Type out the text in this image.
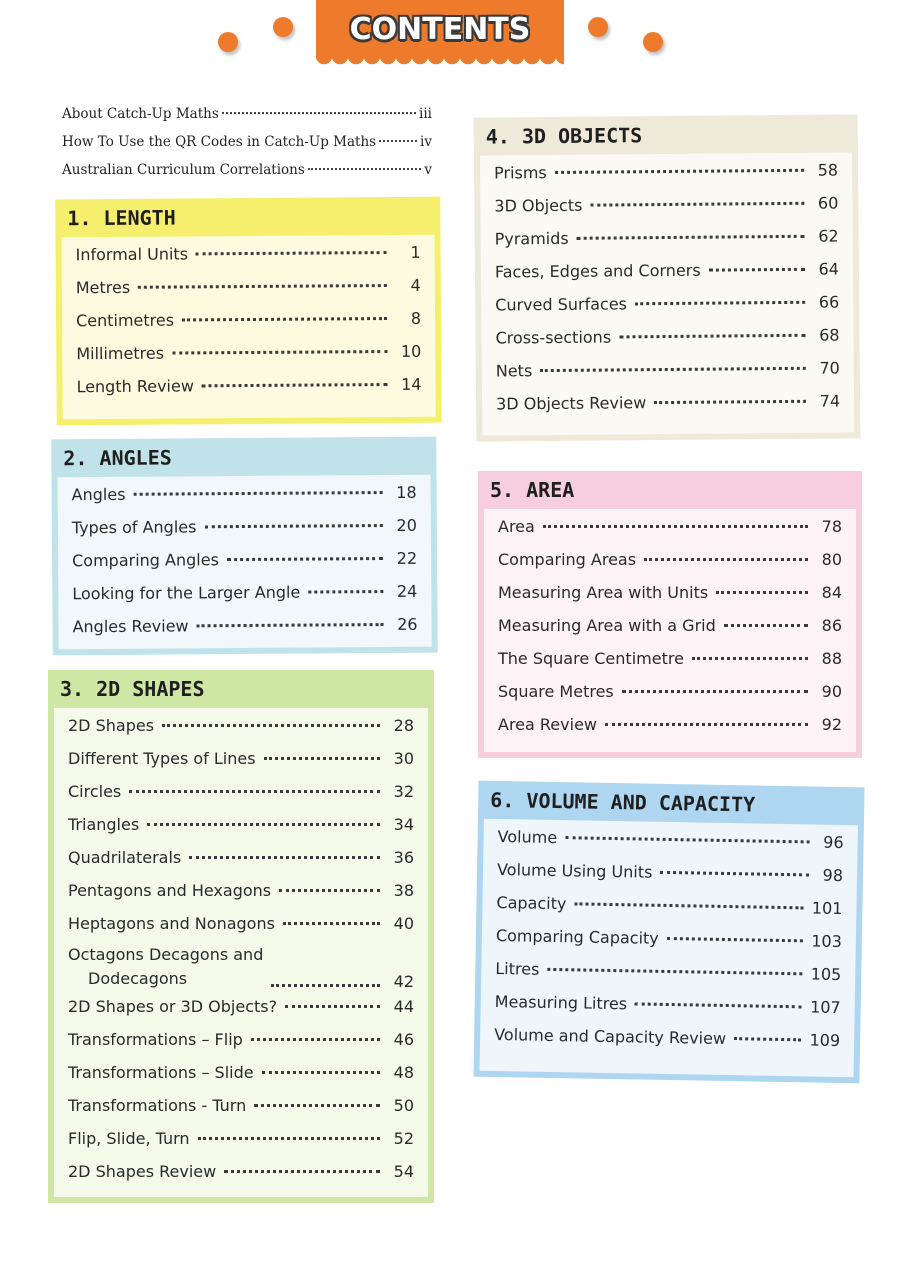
CONTENTS
About Catch-Up Maths	iii
How To Use the QR Codes in Catch-Up Maths	iv
Australian Curriculum Correlations	v
1. LENGTH
Informal Units	1
Metres	4
Centimetres	8
Millimetres	10
Length Review	14
2. ANGLES
Angles	18
Types of Angles	20
Comparing Angles	22
Looking for the Larger Angle	24
Angles Review	26
3. 2D SHAPES
2D Shapes	28
Different Types of Lines	30
Circles	32
Triangles	34
Quadrilaterals	36
Pentagons and Hexagons	38
Heptagons and Nonagons	40
Octagons Decagons and
Dodecagons	42
2D Shapes or 3D Objects?	44
Transformations – Flip	46
Transformations – Slide	48
Transformations - Turn	50
Flip, Slide, Turn	52
2D Shapes Review	54
4. 3D OBJECTS
Prisms	58
3D Objects	60
Pyramids	62
Faces, Edges and Corners	64
Curved Surfaces	66
Cross-sections	68
Nets	70
3D Objects Review	74
5. AREA
Area	78
Comparing Areas	80
Measuring Area with Units	84
Measuring Area with a Grid	86
The Square Centimetre	88
Square Metres	90
Area Review	92
6. VOLUME AND CAPACITY
Volume	96
Volume Using Units	98
Capacity	101
Comparing Capacity	103
Litres	105
Measuring Litres	107
Volume and Capacity Review	109
